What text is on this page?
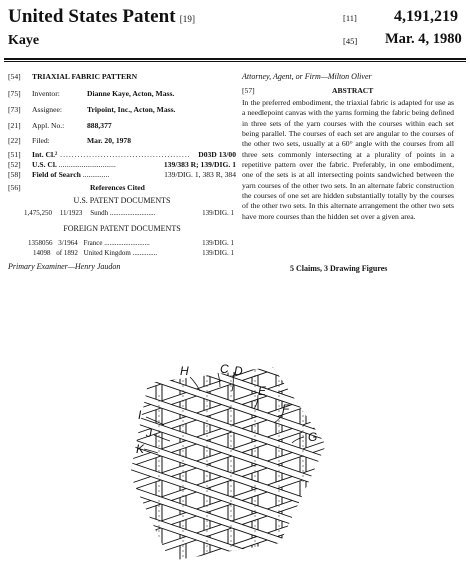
United States Patent [19]
Kaye
[11] 4,191,219
[45] Mar. 4, 1980
[54] TRIAXIAL FABRIC PATTERN
[75] Inventor:	Dianne Kaye, Acton, Mass.
[73] Assignee:	Tripoint, Inc., Acton, Mass.
[21] Appl. No.:	888,377
[22] Filed:	Mar. 20, 1978
[51] Int. Cl.² ............................................. D03D 13/00
[52] U.S. Cl. ..............................	139/383 R; 139/DIG. 1
[58] Field of Search ..............	139/DIG. 1, 383 R, 384
[56]	References Cited
U.S. PATENT DOCUMENTS
1,475,250 11/1923 Sundh ..........................	139/DIG. 1
FOREIGN PATENT DOCUMENTS
1358056 3/1964 France ..........................	139/DIG. 1
14098 of 1892 United Kingdom ..............	139/DIG. 1
Primary Examiner—Henry Jaudon
Attorney, Agent, or Firm—Milton Oliver
[57]	ABSTRACT
In the preferred embodiment, the triaxial fabric is adapted for use as a needlepoint canvas with the yarns forming the fabric being defined in three sets of the yarn courses with the courses within each set being parallel. The courses of each set are angular to the courses of the other two sets, usually at a 60° angle with the courses from all three sets commonly intersecting at a plurality of points in a repetitive pattern over the fabric. Preferably, in one embodiment, one of the sets is at all intersecting points sandwiched between the yarn courses of the other two sets. In an alternate fabric construction the courses of one set are hidden substantially totally by the courses of the other two sets. In this alternate arrangement the other two sets have more courses than the hidden set over a given area.
5 Claims, 3 Drawing Figures
H	C D
E
F
G
I
J
K
